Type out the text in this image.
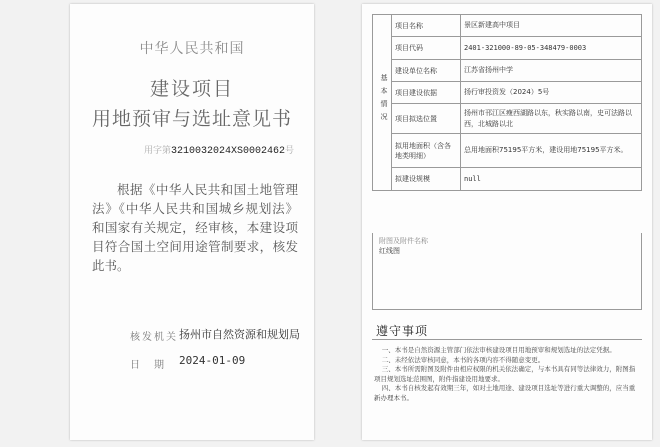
中华人民共和国
建设项目
用地预审与选址意见书
用字第3210032024XS0002462号
根据《中华人民共和国土地管理法》《中华人民共和国城乡规划法》和国家有关规定，经审核，本建设项目符合国土空间用途管制要求，核发此书。
核发机关 扬州市自然资源和规划局
日期 2024-01-09
基本情况	项目名称	景区新建高中项目
	项目代码	2401-321000-89-05-348479-0003
	建设单位名称	江苏省扬州中学
	项目建设依据	扬行审投资发（2024）5号
	项目拟选位置	扬州市邗江区瘦西湖路以东，秋实路以南，史可法路以西，北城路以北
	拟用地面积（含各地类明细）	总用地面积75195平方米，建设用地75195平方米。
	拟建设规模	null
附图及附件名称
红线图
遵守事项
一、本书是自然资源主管部门依法审核建设项目用地预审和规划选址的法定凭据。
二、未经依法审核同意，本书的各项内容不得随意变更。
三、本书所需附图及附件由相应权限的机关依法确定，与本书具有同等法律效力，附图指项目规划选址范围图，附件指建设用地要求。
四、本书自核发起有效期三年，如对土地用途、建设项目选址等进行重大调整的，应当重新办理本书。
